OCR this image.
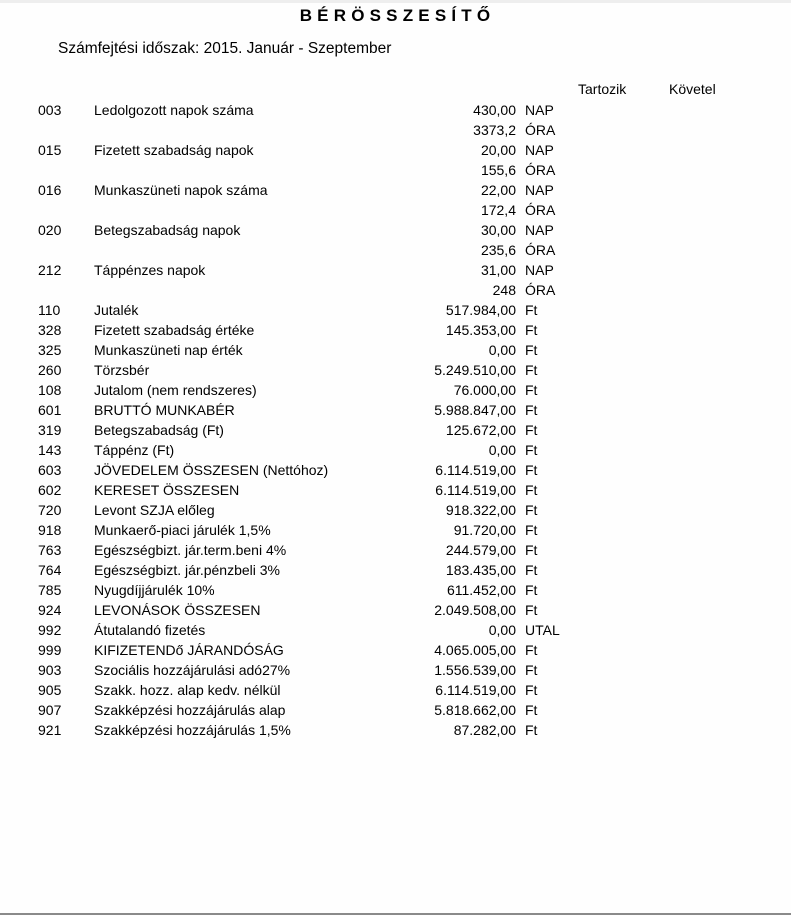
BÉRÖSSZESÍTŐ
Számfejtési időszak: 2015. Január - Szeptember
Tartozik	Követel
003 Ledolgozott napok száma	430,00 NAP
3373,2 ÓRA
015 Fizetett szabadság napok	20,00 NAP
155,6 ÓRA
016 Munkaszüneti napok száma	22,00 NAP
172,4 ÓRA
020 Betegszabadság napok	30,00 NAP
235,6 ÓRA
212 Táppénzes napok	31,00 NAP
248 ÓRA
110 Jutalék	517.984,00 Ft
328 Fizetett szabadság értéke	145.353,00 Ft
325 Munkaszüneti nap érték	0,00 Ft
260 Törzsbér	5.249.510,00 Ft
108 Jutalom (nem rendszeres)	76.000,00 Ft
601 BRUTTÓ MUNKABÉR	5.988.847,00 Ft
319 Betegszabadság (Ft)	125.672,00 Ft
143 Táppénz (Ft)	0,00 Ft
603 JÖVEDELEM ÖSSZESEN (Nettóhoz)	6.114.519,00 Ft
602 KERESET ÖSSZESEN	6.114.519,00 Ft
720 Levont SZJA előleg	918.322,00 Ft
918 Munkaerő-piaci járulék 1,5%	91.720,00 Ft
763 Egészségbizt. jár.term.beni 4%	244.579,00 Ft
764 Egészségbizt. jár.pénzbeli 3%	183.435,00 Ft
785 Nyugdíjjárulék 10%	611.452,00 Ft
924 LEVONÁSOK ÖSSZESEN	2.049.508,00 Ft
992 Átutalandó fizetés	0,00 UTAL
999 KIFIZETENDő JÁRANDÓSÁG	4.065.005,00 Ft
903 Szociális hozzájárulási adó27%	1.556.539,00 Ft
905 Szakk. hozz. alap kedv. nélkül	6.114.519,00 Ft
907 Szakképzési hozzájárulás alap	5.818.662,00 Ft
921 Szakképzési hozzájárulás 1,5%	87.282,00 Ft
